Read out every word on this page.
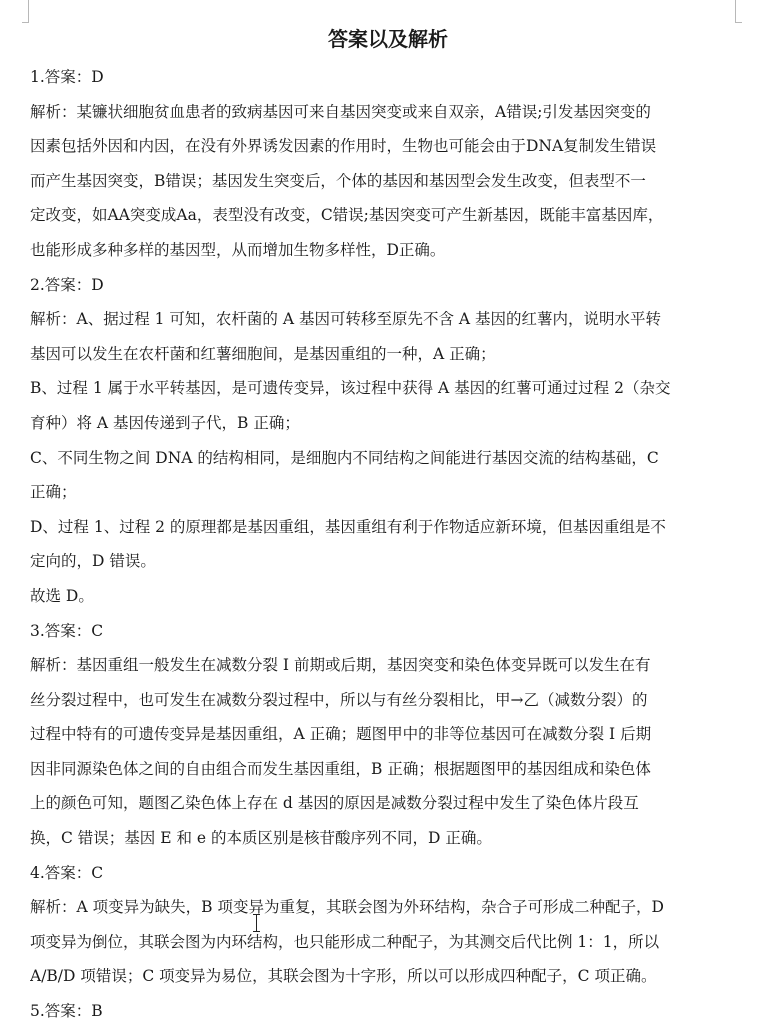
答案以及解析
1.答案：D
解析：某镰状细胞贫血患者的致病基因可来自基因突变或来自双亲，A错误;引发基因突变的
因素包括外因和内因，在没有外界诱发因素的作用时，生物也可能会由于DNA复制发生错误
而产生基因突变，B错误；基因发生突变后，个体的基因和基因型会发生改变，但表型不一
定改变，如AA突变成Aa，表型没有改变，C错误;基因突变可产生新基因，既能丰富基因库，
也能形成多种多样的基因型，从而增加生物多样性，D正确。
2.答案：D
解析：A、据过程 1 可知，农杆菌的 A 基因可转移至原先不含 A 基因的红薯内，说明水平转
基因可以发生在农杆菌和红薯细胞间，是基因重组的一种，A 正确；
B、过程 1 属于水平转基因，是可遗传变异，该过程中获得 A 基因的红薯可通过过程 2（杂交
育种）将 A 基因传递到子代，B 正确；
C、不同生物之间 DNA 的结构相同，是细胞内不同结构之间能进行基因交流的结构基础，C
正确；
D、过程 1、过程 2 的原理都是基因重组，基因重组有利于作物适应新环境，但基因重组是不
定向的，D 错误。
故选 D。
3.答案：C
解析：基因重组一般发生在减数分裂 Ⅰ 前期或后期，基因突变和染色体变异既可以发生在有
丝分裂过程中，也可发生在减数分裂过程中，所以与有丝分裂相比，甲→乙（减数分裂）的
过程中特有的可遗传变异是基因重组，A 正确；题图甲中的非等位基因可在减数分裂 Ⅰ 后期
因非同源染色体之间的自由组合而发生基因重组，B 正确；根据题图甲的基因组成和染色体
上的颜色可知，题图乙染色体上存在 d 基因的原因是减数分裂过程中发生了染色体片段互
换，C 错误；基因 E 和 e 的本质区别是核苷酸序列不同，D 正确。
4.答案：C
解析：A 项变异为缺失，B 项变异为重复，其联会图为外环结构，杂合子可形成二种配子，D
项变异为倒位，其联会图为内环结构，也只能形成二种配子，为其测交后代比例 1：1，所以
A/B/D 项错误；C 项变异为易位，其联会图为十字形，所以可以形成四种配子，C 项正确。
5.答案：B
